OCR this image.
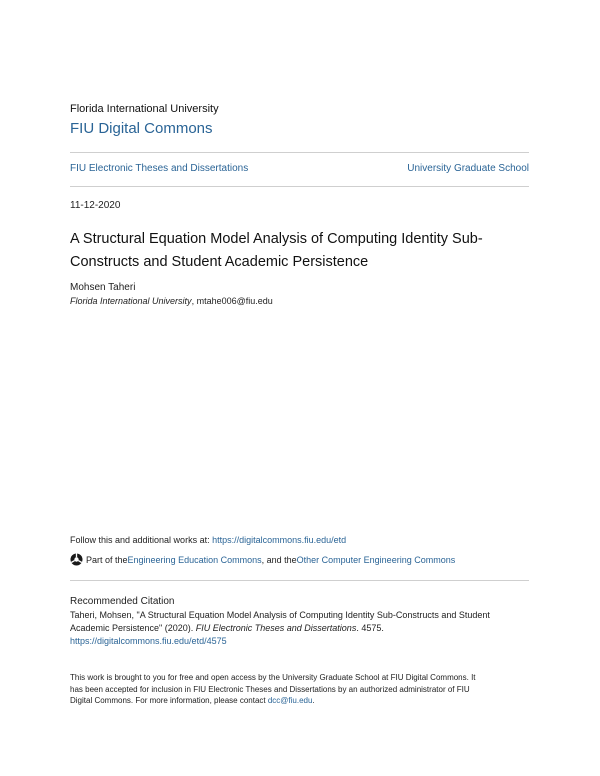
Florida International University
FIU Digital Commons
FIU Electronic Theses and Dissertations	University Graduate School
11-12-2020
A Structural Equation Model Analysis of Computing Identity Sub-Constructs and Student Academic Persistence
Mohsen Taheri
Florida International University, mtahe006@fiu.edu
Follow this and additional works at: https://digitalcommons.fiu.edu/etd
Part of the Engineering Education Commons , and the Other Computer Engineering Commons
Recommended Citation
Taheri, Mohsen, "A Structural Equation Model Analysis of Computing Identity Sub-Constructs and Student
Academic Persistence" (2020). FIU Electronic Theses and Dissertations. 4575.
https://digitalcommons.fiu.edu/etd/4575
This work is brought to you for free and open access by the University Graduate School at FIU Digital Commons. It
has been accepted for inclusion in FIU Electronic Theses and Dissertations by an authorized administrator of FIU
Digital Commons. For more information, please contact dcc@fiu.edu.
